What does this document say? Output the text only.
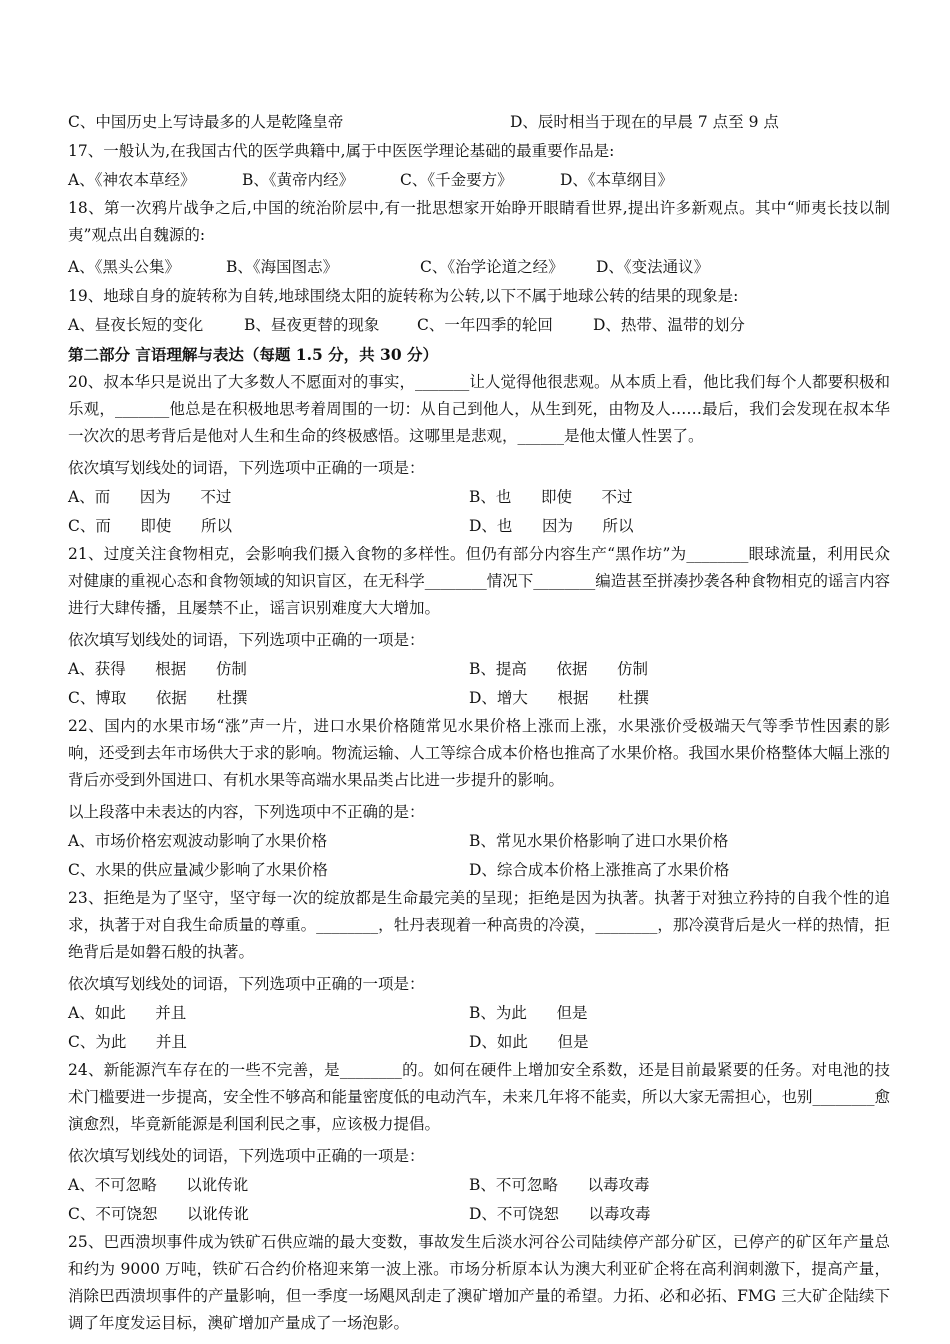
C、中国历史上写诗最多的人是乾隆皇帝	D、辰时相当于现在的早晨 7 点至 9 点
17、一般认为,在我国古代的医学典籍中,属于中医医学理论基础的最重要作品是:
A、《神农本草经》	B、《黄帝内经》	C、《千金要方》	D、《本草纲目》
18、第一次鸦片战争之后,中国的统治阶层中,有一批思想家开始睁开眼睛看世界,提出许多新观点。其中“师夷长技以制夷”观点出自魏源的:
A、《黑头公集》	B、《海国图志》	C、《治学论道之经》	D、《变法通议》
19、地球自身的旋转称为自转,地球围绕太阳的旋转称为公转,以下不属于地球公转的结果的现象是:
A、昼夜长短的变化	B、昼夜更替的现象	C、一年四季的轮回	D、热带、温带的划分
第二部分 言语理解与表达（每题 1.5 分，共 30 分）
20、叔本华只是说出了大多数人不愿面对的事实，_______让人觉得他很悲观。从本质上看，他比我们每个人都要积极和乐观，_______他总是在积极地思考着周围的一切：从自己到他人，从生到死，由物及人……最后，我们会发现在叔本华一次次的思考背后是他对人生和生命的终极感悟。这哪里是悲观，______是他太懂人性罢了。
依次填写划线处的词语，下列选项中正确的一项是：
A、而      因为      不过	B、也      即使      不过
C、而      即使      所以	D、也      因为      所以
21、过度关注食物相克，会影响我们摄入食物的多样性。但仍有部分内容生产“黑作坊”为________眼球流量，利用民众对健康的重视心态和食物领域的知识盲区，在无科学________情况下________编造甚至拼凑抄袭各种食物相克的谣言内容进行大肆传播，且屡禁不止，谣言识别难度大大增加。
依次填写划线处的词语，下列选项中正确的一项是：
A、获得      根据      仿制	B、提高      依据      仿制
C、博取      依据      杜撰	D、增大      根据      杜撰
22、国内的水果市场“涨”声一片，进口水果价格随常见水果价格上涨而上涨，水果涨价受极端天气等季节性因素的影响，还受到去年市场供大于求的影响。物流运输、人工等综合成本价格也推高了水果价格。我国水果价格整体大幅上涨的背后亦受到外国进口、有机水果等高端水果品类占比进一步提升的影响。
以上段落中未表达的内容，下列选项中不正确的是：
A、市场价格宏观波动影响了水果价格	B、常见水果价格影响了进口水果价格
C、水果的供应量减少影响了水果价格	D、综合成本价格上涨推高了水果价格
23、拒绝是为了坚守，坚守每一次的绽放都是生命最完美的呈现；拒绝是因为执著。执著于对独立矜持的自我个性的追求，执著于对自我生命质量的尊重。________，牡丹表现着一种高贵的冷漠，________，那冷漠背后是火一样的热情，拒绝背后是如磐石般的执著。
依次填写划线处的词语，下列选项中正确的一项是：
A、如此      并且	B、为此      但是
C、为此      并且	D、如此      但是
24、新能源汽车存在的一些不完善，是________的。如何在硬件上增加安全系数，还是目前最紧要的任务。对电池的技术门槛要进一步提高，安全性不够高和能量密度低的电动汽车，未来几年将不能卖，所以大家无需担心，也别________愈演愈烈，毕竟新能源是利国利民之事，应该极力提倡。
依次填写划线处的词语，下列选项中正确的一项是：
A、不可忽略      以讹传讹	B、不可忽略      以毒攻毒
C、不可饶恕      以讹传讹	D、不可饶恕      以毒攻毒
25、巴西溃坝事件成为铁矿石供应端的最大变数，事故发生后淡水河谷公司陆续停产部分矿区，已停产的矿区年产量总和约为 9000 万吨，铁矿石合约价格迎来第一波上涨。市场分析原本认为澳大利亚矿企将在高利润刺激下，提高产量，消除巴西溃坝事件的产量影响，但一季度一场飓风刮走了澳矿增加产量的希望。力拓、必和必拓、FMG 三大矿企陆续下调了年度发运目标，澳矿增加产量成了一场泡影。
